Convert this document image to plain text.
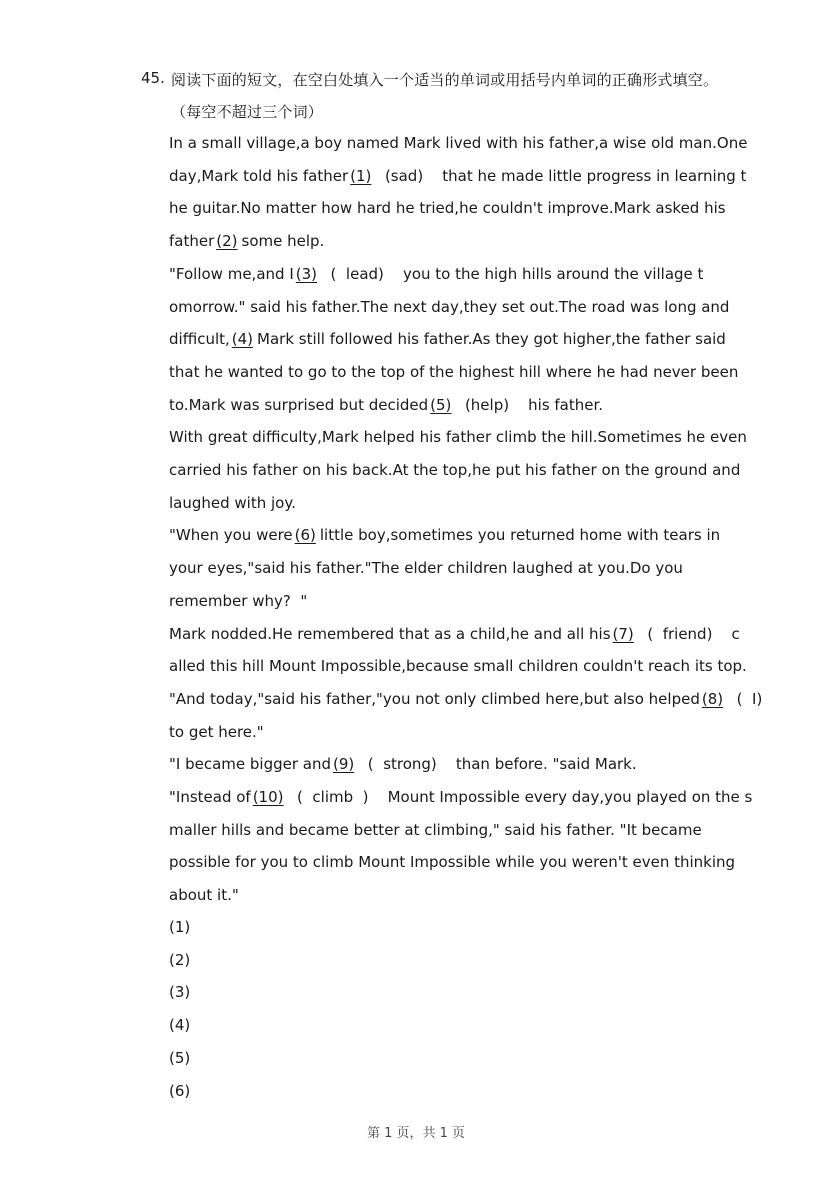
45. 阅读下面的短文，在空白处填入一个适当的单词或用括号内单词的正确形式填空。
（每空不超过三个词）
In a small village,a boy named Mark lived with his father,a wise old man.One
day,Mark told his father (1)  (sad)    that he made little progress in learning t
he guitar.No matter how hard he tried,he couldn't improve.Mark asked his
father (2) some help.
"Follow me,and I (3)  (  lead)    you to the high hills around the village t
omorrow." said his father.The next day,they set out.The road was long and
difficult, (4) Mark still followed his father.As they got higher,the father said
that he wanted to go to the top of the highest hill where he had never been
to.Mark was surprised but decided (5)  (help)    his father.
With great difficulty,Mark helped his father climb the hill.Sometimes he even
carried his father on his back.At the top,he put his father on the ground and
laughed with joy.
"When you were (6) little boy,sometimes you returned home with tears in
your eyes,"said his father."The elder children laughed at you.Do you
remember why?  "
Mark nodded.He remembered that as a child,he and all his (7)  (  friend)    c
alled this hill Mount Impossible,because small children couldn't reach its top.
"And today,"said his father,"you not only climbed here,but also helped (8)  (  I)
to get here."
"I became bigger and (9)  (  strong)    than before. "said Mark.
"Instead of (10)  (  climb  )    Mount Impossible every day,you played on the s
maller hills and became better at climbing," said his father. "It became
possible for you to climb Mount Impossible while you weren't even thinking
about it."
(1)
(2)
(3)
(4)
(5)
(6)
第 1 页，共 1 页
